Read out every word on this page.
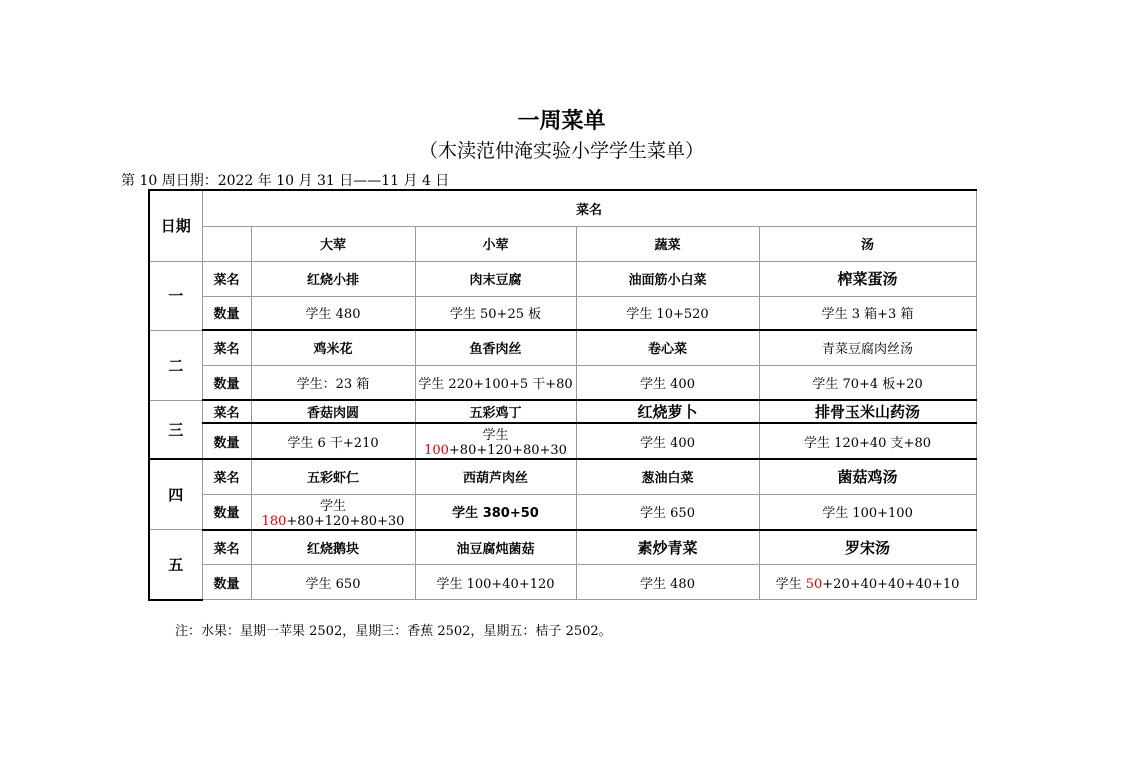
一周菜单
（木渎范仲淹实验小学学生菜单）
第 10 周日期：2022 年 10 月 31 日——11 月 4 日
日期	菜名				
		大荤	小荤	蔬菜	汤
一	菜名	红烧小排	肉末豆腐	油面筋小白菜	榨菜蛋汤
	数量	学生 480	学生 50+25 板	学生 10+520	学生 3 箱+3 箱
二	菜名	鸡米花	鱼香肉丝	卷心菜	青菜豆腐肉丝汤
	数量	学生：23 箱	学生 220+100+5 干+80	学生 400	学生 70+4 板+20
三	菜名	香菇肉圆	五彩鸡丁	红烧萝卜	排骨玉米山药汤
	数量	学生 6 干+210	学生 100+80+120+80+30	学生 400	学生 120+40 支+80
四	菜名	五彩虾仁	西葫芦肉丝	葱油白菜	菌菇鸡汤
	数量	学生 180+80+120+80+30	学生 380+50	学生 650	学生 100+100
五	菜名	红烧鹅块	油豆腐炖菌菇	素炒青菜	罗宋汤
	数量	学生 650	学生 100+40+120	学生 480	学生 50+20+40+40+40+10
注：水果：星期一苹果 2502，星期三：香蕉 2502，星期五：桔子 2502。
